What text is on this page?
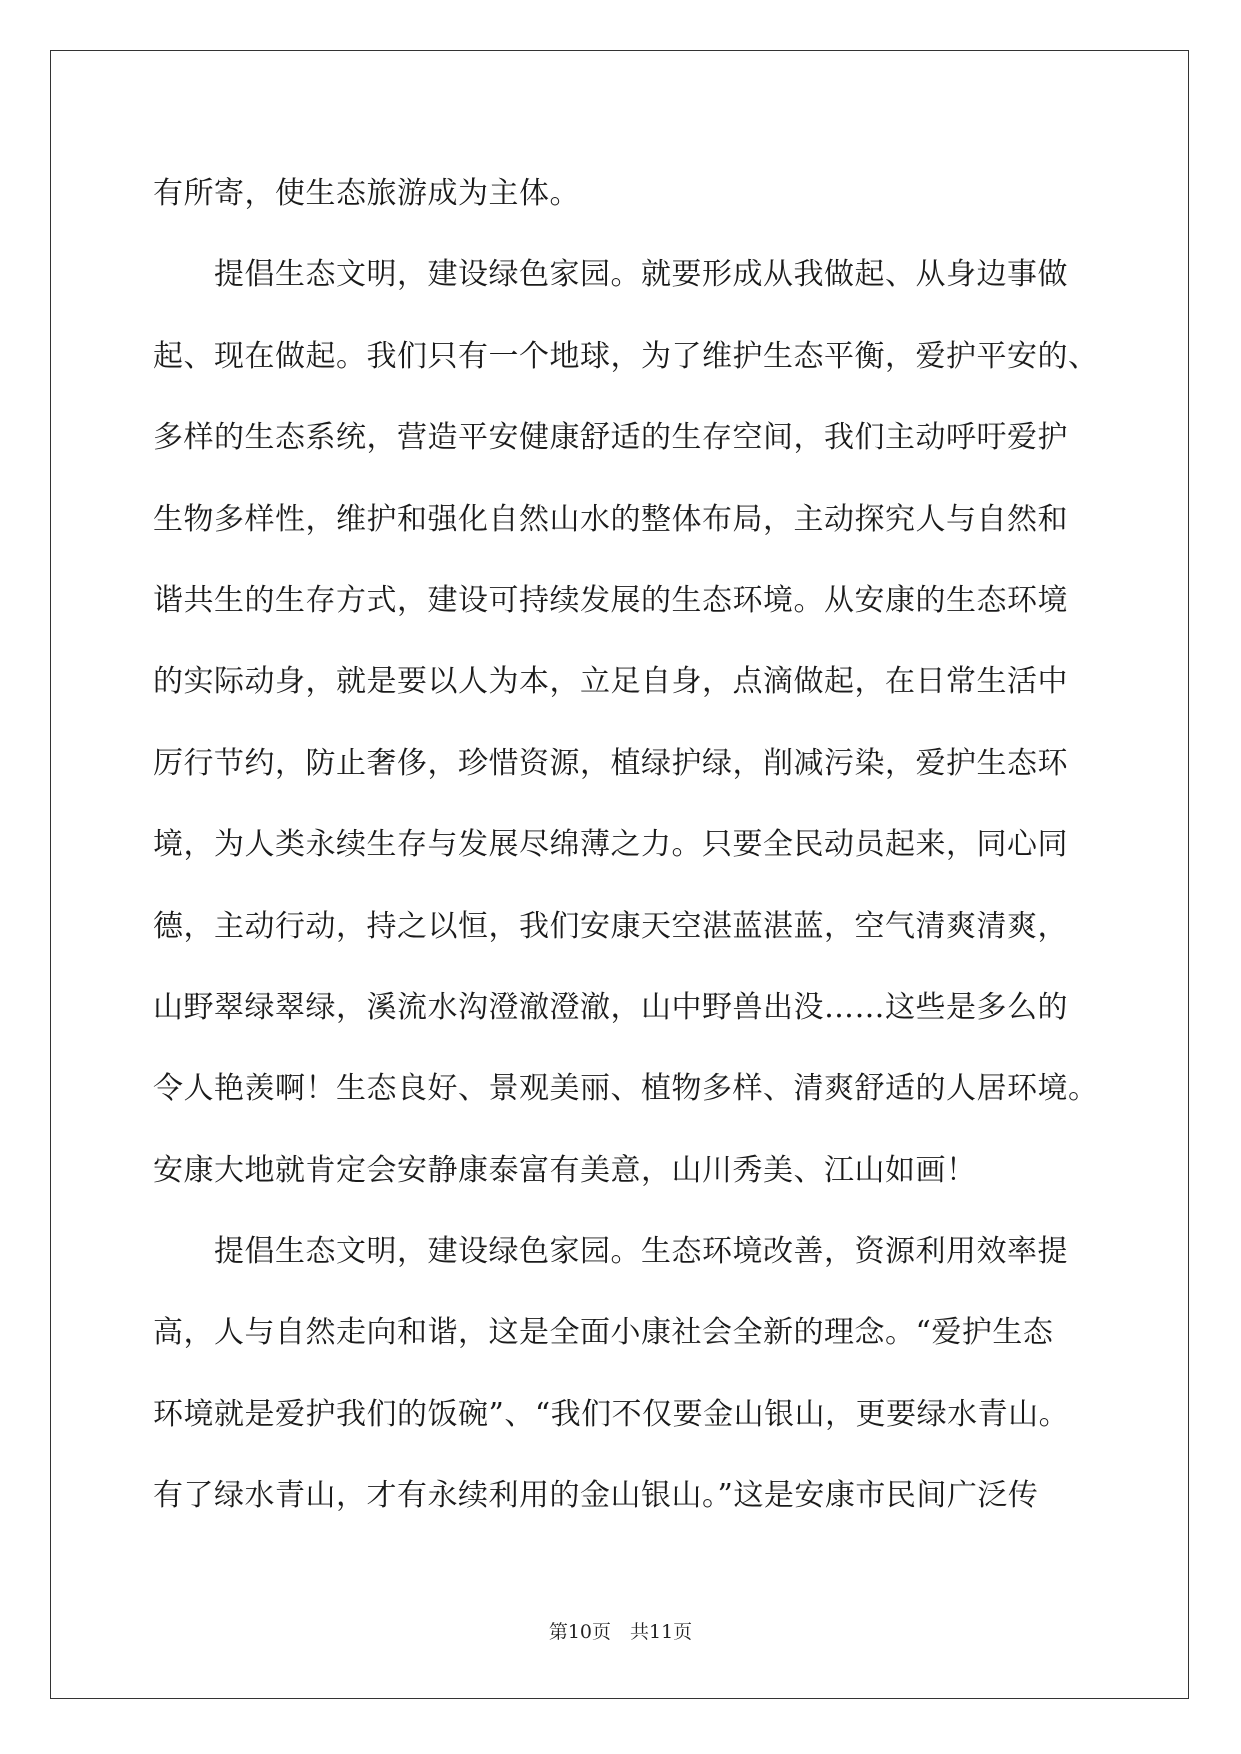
有所寄，使生态旅游成为主体。
　　提倡生态文明，建设绿色家园。就要形成从我做起、从身边事做
起、现在做起。我们只有一个地球，为了维护生态平衡，爱护平安的、
多样的生态系统，营造平安健康舒适的生存空间，我们主动呼吁爱护
生物多样性，维护和强化自然山水的整体布局，主动探究人与自然和
谐共生的生存方式，建设可持续发展的生态环境。从安康的生态环境
的实际动身，就是要以人为本，立足自身，点滴做起，在日常生活中
厉行节约，防止奢侈，珍惜资源，植绿护绿，削减污染，爱护生态环
境，为人类永续生存与发展尽绵薄之力。只要全民动员起来，同心同
德，主动行动，持之以恒，我们安康天空湛蓝湛蓝，空气清爽清爽，
山野翠绿翠绿，溪流水沟澄澈澄澈，山中野兽出没……这些是多么的
令人艳羡啊！生态良好、景观美丽、植物多样、清爽舒适的人居环境。
安康大地就肯定会安静康泰富有美意，山川秀美、江山如画！
　　提倡生态文明，建设绿色家园。生态环境改善，资源利用效率提
高，人与自然走向和谐，这是全面小康社会全新的理念。“爱护生态
环境就是爱护我们的饭碗”、“我们不仅要金山银山，更要绿水青山。
有了绿水青山，才有永续利用的金山银山。”这是安康市民间广泛传
第10页　共11页
